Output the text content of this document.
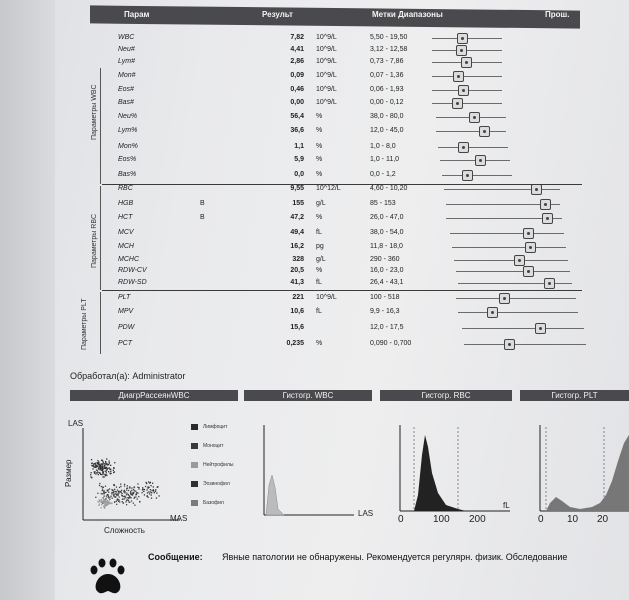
Парам	Результ	Метки Диапазоны	Прош.
WBC	7,82 10^9/L	5,50 - 19,50
Neu#	4,41 10^9/L	3,12 - 12,58
Lym#	2,86 10^9/L	0,73 - 7,86
Mon#	0,09 10^9/L	0,07 - 1,36
Eos#	0,46 10^9/L	0,06 - 1,93
Bas#	0,00 10^9/L	0,00 - 0,12
Neu%	56,4 %	38,0 - 80,0
Lym%	36,6 %	12,0 - 45,0
Mon%	1,1 %	1,0 - 8,0
Eos%	5,9 %	1,0 - 11,0
Bas%	0,0 %	0,0 - 1,2
RBC	9,55 10^12/L	4,60 - 10,20
HGB	В	155 g/L	85 - 153
HCT	В	47,2 %	26,0 - 47,0
MCV	49,4 fL	38,0 - 54,0
MCH	16,2 pg	11,8 - 18,0
MCHC	328 g/L	290 - 360
RDW-CV	20,5 %	16,0 - 23,0
RDW-SD	41,3 fL	26,4 - 43,1
PLT	221 10^9/L	100 - 518
MPV	10,6 fL	9,9 - 16,3
PDW	15,6	12,0 - 17,5
PCT	0,235 %	0,090 - 0,700
Параметры WBC
Параметры RBC
Параметры PLT
Обработал(а): Administrator
ДиагрРассеянWBC	Гистогр. WBC	Гистогр. RBC	Гистогр. PLT
LAS
MAS
Размер
Сложность
Лимфоцит
Моноцит
Нейтрофилы
Эозинофил
Базофил
LAS
0	100 200
fL
0 10 20
Сообщение: Явные патологии не обнаружены. Рекомендуется регулярн. физик. Обследование
